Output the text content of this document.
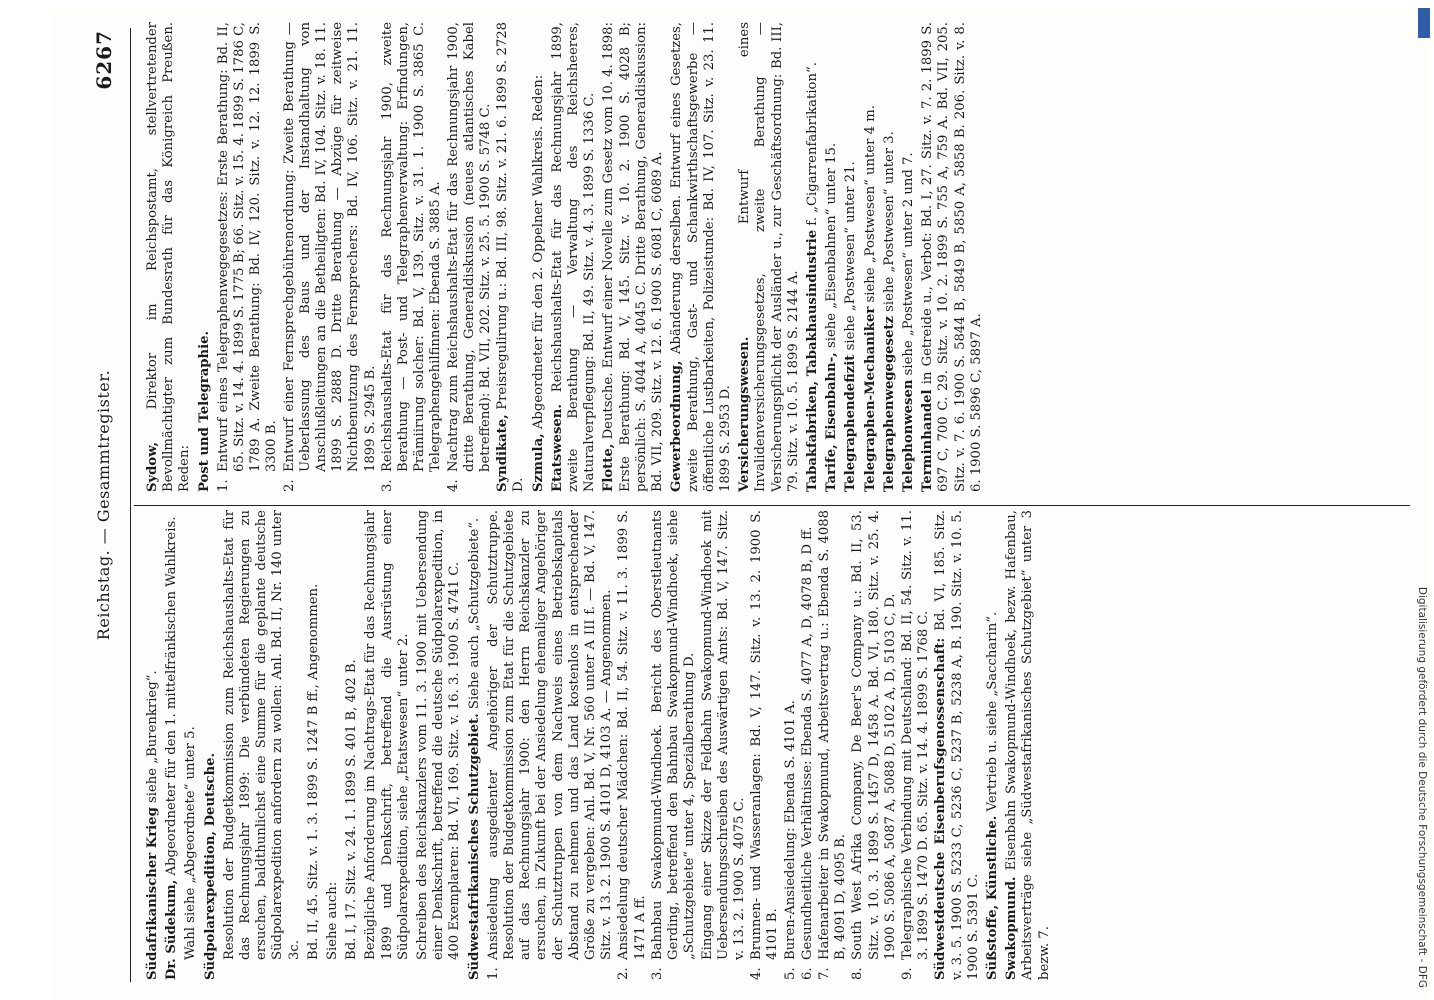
Reichstag. — Gesammtregister.
6267
Südafrikanischer Krieg siehe „Burenkrieg“.
Dr. Südekum, Abgeordneter für den 1. mittelfränkischen Wahlkreis. Wahl siehe „Abgeordnete“ unter 5. Südpolarexpedition, Deutsche. Resolution der Budgetkommission zum Reichshaushalts-Etat für das Rechnungsjahr 1899: Die verbündeten Regierungen zu ersuchen, baldthunlichst eine Summe für die geplante deutsche Südpolarexpedition anfordern zu wollen: Anl. Bd. II, Nr. 140 unter 3c. Bd. II, 45. Sitz. v. 1. 3. 1899 S. 1247 B ff., Angenommen. Siehe auch: Bd. I, 17. Sitz. v. 24. 1. 1899 S. 401 B, 402 B. Bezügliche Anforderung im Nachtrags-Etat für das Rechnungsjahr 1899 und Denkschrift, betreffend die Ausrüstung einer Südpolarexpedition, siehe „Etatswesen“ unter 2. Schreiben des Reichskanzlers vom 11. 3. 1900 mit Uebersendung einer Denkschrift, betreffend die deutsche Südpolarexpedition, in 400 Exemplaren: Bd. VI, 169. Sitz. v. 16. 3. 1900 S. 4741 C. Südwestafrikanisches Schutzgebiet. Siehe auch „Schutzgebiete“.
1.
Ansiedelung ausgedienter Angehöriger der Schutztruppe. Resolution der Budgetkommission zum Etat für die Schutzgebiete auf das Rechnungsjahr 1900: den Herrn Reichskanzler zu ersuchen, in Zukunft bei der Ansiedelung ehemaliger Angehöriger der Schutztruppen von dem Nachweis eines Betriebskapitals Abstand zu nehmen und das Land kostenlos in entsprechender Größe zu vergeben: Anl. Bd. V, Nr. 560 unter A III f. — Bd. V, 147. Sitz. v. 13. 2. 1900 S. 4101 D, 4103 A. — Angenommen.
2.
Ansiedelung deutscher Mädchen: Bd. II, 54. Sitz. v. 11. 3. 1899 S. 1471 A ff.
3.
Bahnbau Swakopmund-Windhoek. Bericht des Oberstleutnants Gerding, betreffend den Bahnbau Swakopmund-Windhoek, siehe „Schutzgebiete“ unter 4, Spezialberathung D. Eingang einer Skizze der Feldbahn Swakopmund-Windhoek mit Uebersendungsschreiben des Auswärtigen Amts: Bd. V, 147. Sitz. v. 13. 2. 1900 S. 4075 C.
4.
Brunnen- und Wasseranlagen: Bd. V, 147. Sitz. v. 13. 2. 1900 S. 4101 B.
5.
Buren-Ansiedelung: Ebenda S. 4101 A.
6.
Gesundheitliche Verhältnisse: Ebenda S. 4077 A, D, 4078 B, D ff.
7.
Hafenarbeiter in Swakopmund, Arbeitsvertrag u.: Ebenda S. 4088 B, 4091 D, 4095 B.
8.
South West Afrika Company, De Beer's Company u.: Bd. II, 53. Sitz. v. 10. 3. 1899 S. 1457 D, 1458 A. Bd. VI, 180. Sitz. v. 25. 4. 1900 S. 5086 A, 5087 A, 5088 D, 5102 A, D, 5103 C, D.
9.
Telegraphische Verbindung mit Deutschland: Bd. II, 54. Sitz. v. 11. 3. 1899 S. 1470 D. 65. Sitz. v. 14. 4. 1899 S. 1768 C. Südwestdeutsche Eisenberufsgenossenschaft: Bd. VI, 185. Sitz. v. 3. 5. 1900 S. 5233 C, 5236 C, 5237 B, 5238 A, B. 190. Sitz. v. 10. 5. 1900 S. 5391 C. Süßstoffe, Künstliche. Vertrieb u. siehe „Saccharin“.
Swakopmund. Eisenbahn Swakopmund-Windhoek, bezw. Hafenbau, Arbeitsverträge siehe „Südwestafrikanisches Schutzgebiet“ unter 3 bezw. 7.
Sydow, Direktor im Reichspostamt, stellvertretender Bevollmächtigter zum Bundesrath für das Königreich Preußen. Reden: Post und Telegraphie. 1.
Entwurf eines Telegraphenwegegesetzes: Erste Berathung: Bd. II, 65. Sitz. v. 14. 4. 1899 S. 1775 B; 66. Sitz. v. 15. 4. 1899 S. 1786 C, 1789 A. Zweite Berathung: Bd. IV, 120. Sitz. v. 12. 12. 1899 S. 3300 B.
2.
Entwurf einer Fernsprechgebührenordnung: Zweite Berathung — Ueberlassung des Baus und der Instandhaltung von Anschlußleitungen an die Betheiligten: Bd. IV, 104. Sitz. v. 18. 11. 1899 S. 2888 D. Dritte Berathung — Abzüge für zeitweise Nichtbenutzung des Fernsprechers: Bd. IV, 106. Sitz. v. 21. 11. 1899 S. 2945 B.
3.
Reichshaushalts-Etat für das Rechnungsjahr 1900, zweite Berathung — Post- und Telegraphenverwaltung: Erfindungen, Prämiirung solcher: Bd. V, 139. Sitz. v. 31. 1. 1900 S. 3865 C. Telegraphengehilfinnen: Ebenda S. 3885 A.
4.
Nachtrag zum Reichshaushalts-Etat für das Rechnungsjahr 1900, dritte Berathung, Generaldiskussion (neues atlantisches Kabel betreffend): Bd. VII, 202. Sitz. v. 25. 5. 1900 S. 5748 C. Syndikate, Preisregulirung u.: Bd. III, 98. Sitz. v. 21. 6. 1899 S. 2728 D. Szmula, Abgeordneter für den 2. Oppelner Wahlkreis. Reden:
Etatswesen. Reichshaushalts-Etat für das Rechnungsjahr 1899, zweite Berathung — Verwaltung des Reichsheeres, Naturalverpflegung: Bd. II, 49. Sitz. v. 4. 3. 1899 S. 1336 C. Flotte, Deutsche. Entwurf einer Novelle zum Gesetz vom 10. 4. 1898: Erste Berathung: Bd. V, 145. Sitz. v. 10. 2. 1900 S. 4028 B; persönlich: S. 4044 A, 4045 C. Dritte Berathung, Generaldiskussion: Bd. VII, 209. Sitz. v. 12. 6. 1900 S. 6081 C, 6089 A. Gewerbeordnung, Abänderung derselben. Entwurf eines Gesetzes, zweite Berathung, Gast- und Schankwirthschaftsgewerbe — öffentliche Lustbarkeiten, Polizeistunde: Bd. IV, 107. Sitz. v. 23. 11. 1899 S. 2953 D. Versicherungswesen. Entwurf eines Invalidenversicherungsgesetzes, zweite Berathung — Versicherungspflicht der Ausländer u., zur Geschäftsordnung: Bd. III, 79. Sitz. v. 10. 5. 1899 S. 2144 A. Tabakfabriken, Tabakhausindustrie f. „Cigarrenfabrikation“.
Tarife, Eisenbahn-, siehe „Eisenbahnen“ unter 15.
Telegraphendefizit siehe „Postwesen“ unter 21.
Telegraphen-Mechaniker siehe „Postwesen“ unter 4 m.
Telegraphenwegegesetz siehe „Postwesen“ unter 3.
Telephonwesen siehe „Postwesen“ unter 2 und 7.
Terminhandel in Getreide u., Verbot: Bd. I, 27. Sitz. v. 7. 2. 1899 S. 697 C, 700 C. 29. Sitz. v. 10. 2. 1899 S. 755 A, 759 A. Bd. VII, 205. Sitz. v. 7. 6. 1900 S. 5844 B, 5849 B, 5850 A, 5858 B. 206. Sitz. v. 8. 6. 1900 S. 5896 C, 5897 A.
Digitalisierung gefördert durch die Deutsche Forschungsgemeinschaft - DFG
